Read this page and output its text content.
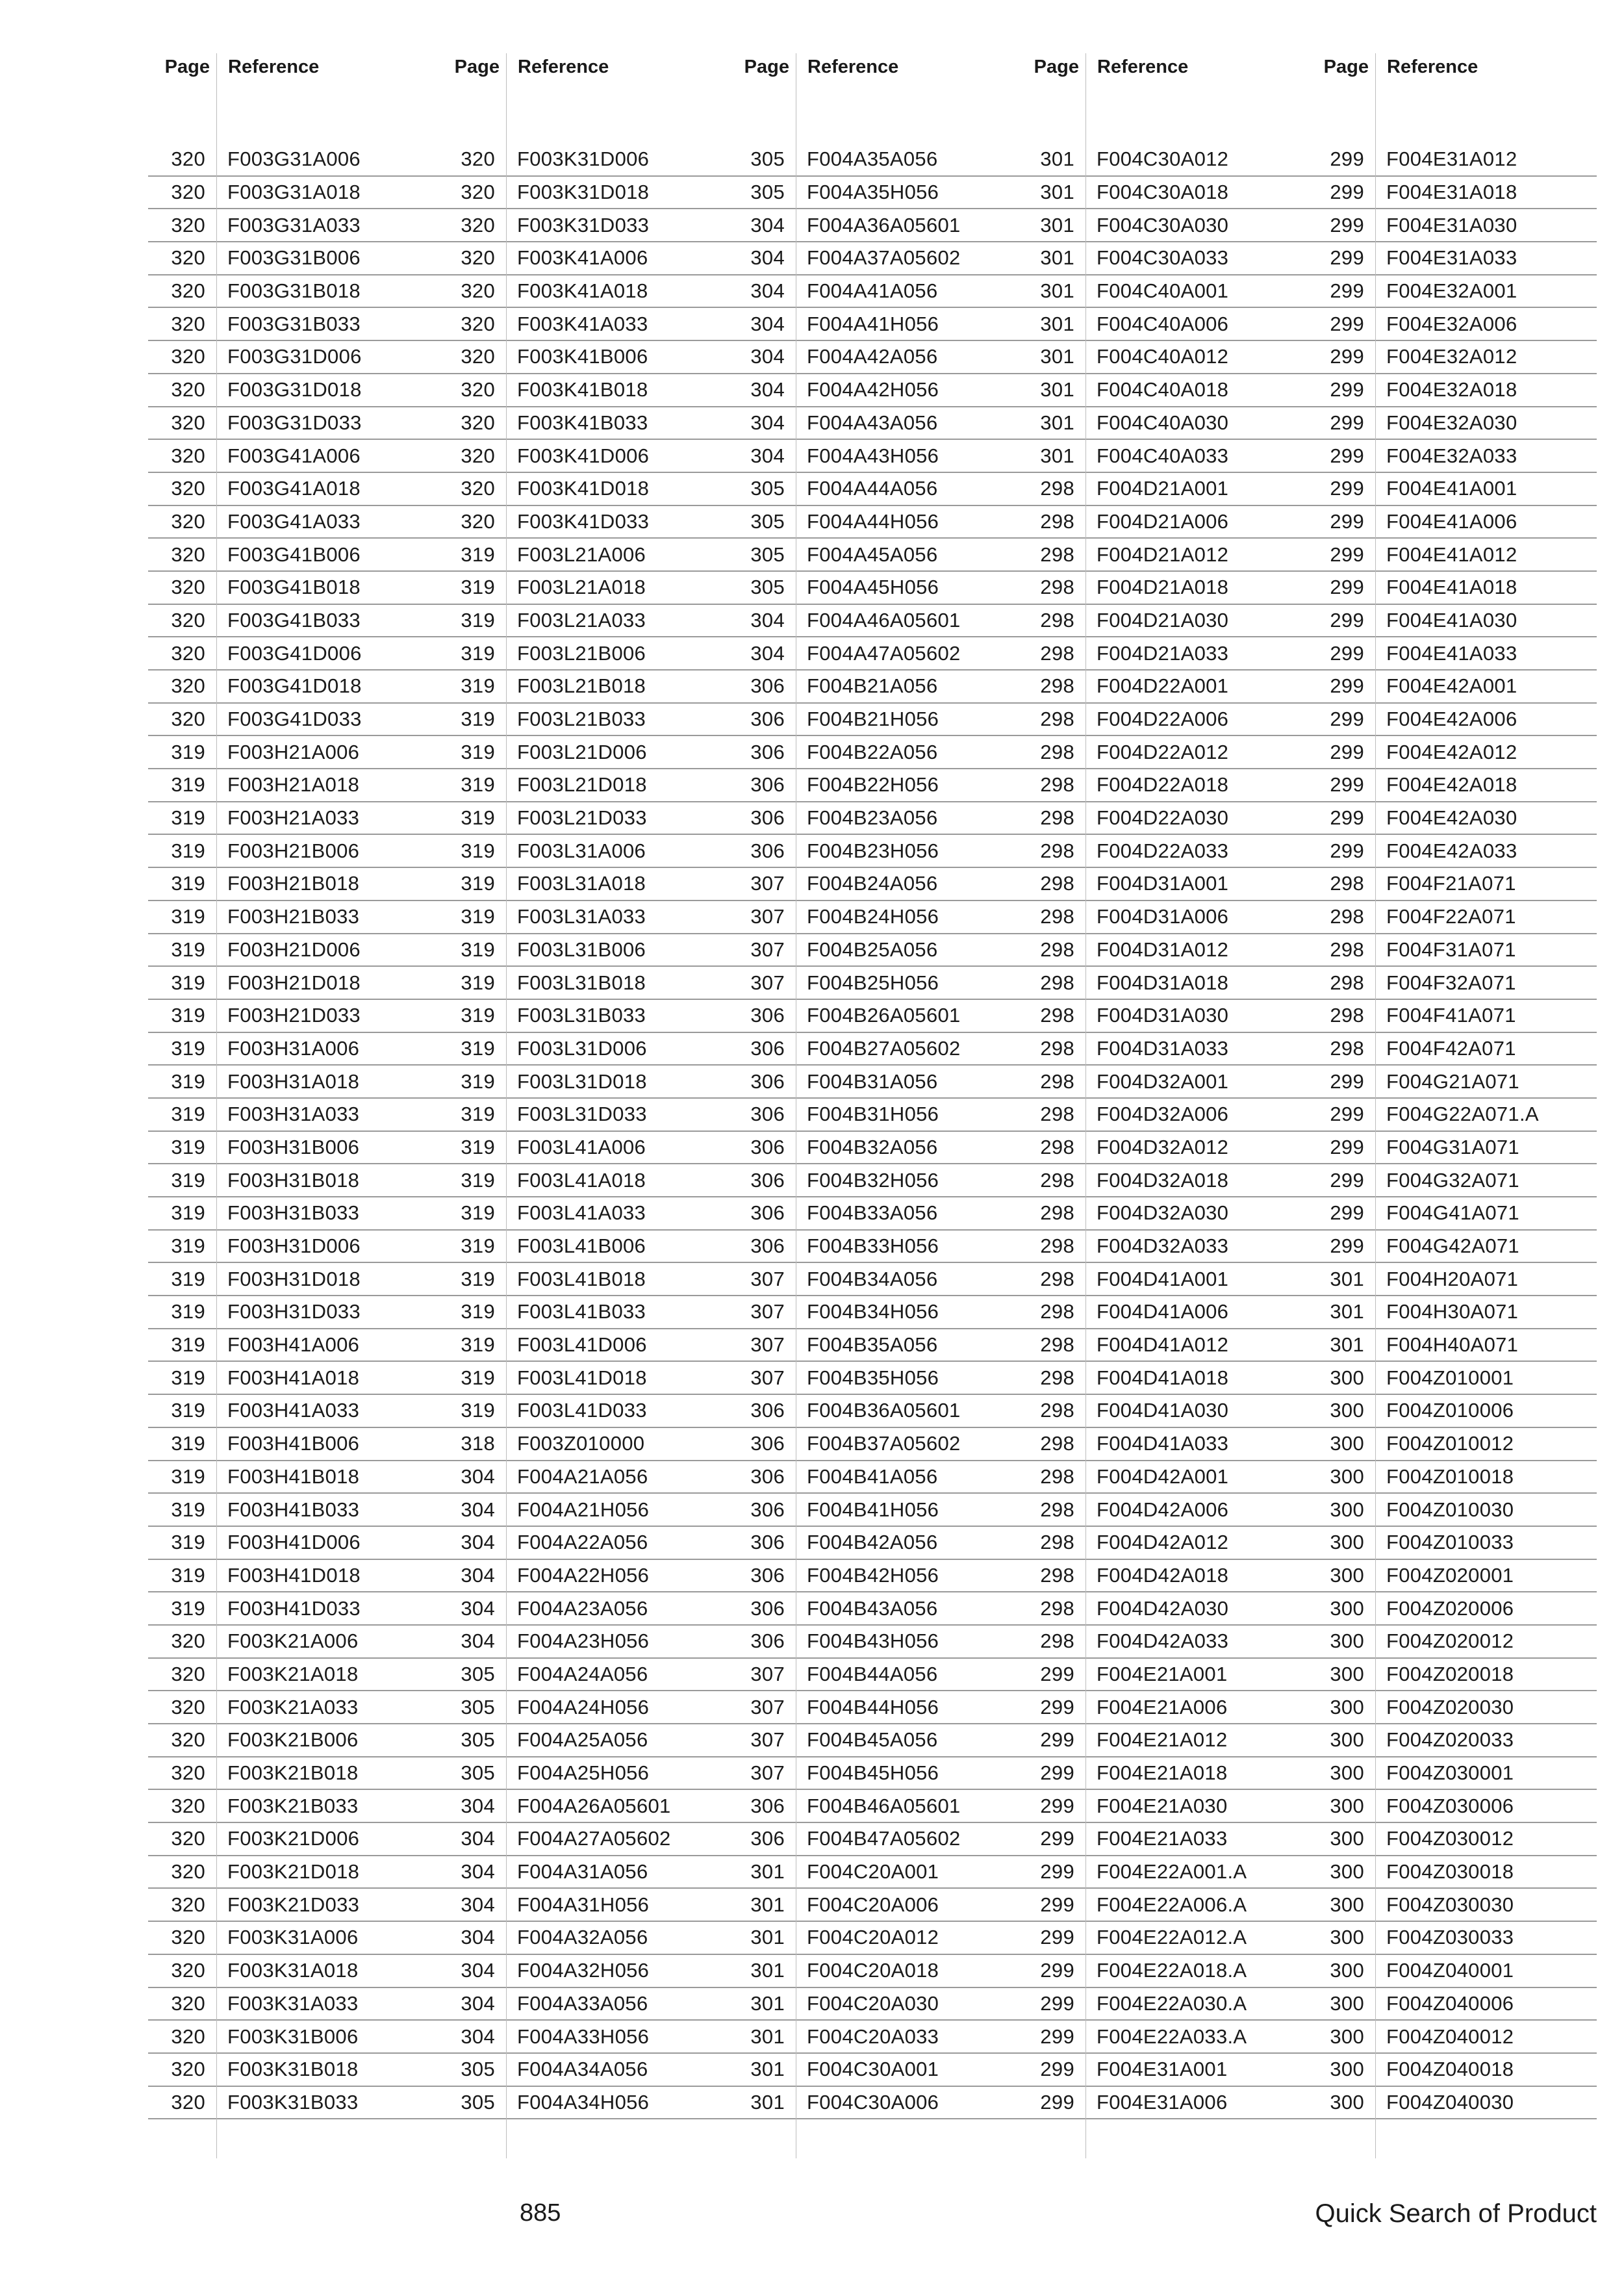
Page Reference
320	F003G31A006
320	F003G31A018
320	F003G31A033
320	F003G31B006
320	F003G31B018
320	F003G31B033
320	F003G31D006
320	F003G31D018
320	F003G31D033
320	F003G41A006
320	F003G41A018
320	F003G41A033
320	F003G41B006
320	F003G41B018
320	F003G41B033
320	F003G41D006
320	F003G41D018
320	F003G41D033
319	F003H21A006
319	F003H21A018
319	F003H21A033
319	F003H21B006
319	F003H21B018
319	F003H21B033
319	F003H21D006
319	F003H21D018
319	F003H21D033
319	F003H31A006
319	F003H31A018
319	F003H31A033
319	F003H31B006
319	F003H31B018
319	F003H31B033
319	F003H31D006
319	F003H31D018
319	F003H31D033
319	F003H41A006
319	F003H41A018
319	F003H41A033
319	F003H41B006
319	F003H41B018
319	F003H41B033
319	F003H41D006
319	F003H41D018
319	F003H41D033
320	F003K21A006
320	F003K21A018
320	F003K21A033
320	F003K21B006
320	F003K21B018
320	F003K21B033
320	F003K21D006
320	F003K21D018
320	F003K21D033
320	F003K31A006
320	F003K31A018
320	F003K31A033
320	F003K31B006
320	F003K31B018
320	F003K31B033
Page Reference
320	F003K31D006
320	F003K31D018
320	F003K31D033
320	F003K41A006
320	F003K41A018
320	F003K41A033
320	F003K41B006
320	F003K41B018
320	F003K41B033
320	F003K41D006
320	F003K41D018
320	F003K41D033
319	F003L21A006
319	F003L21A018
319	F003L21A033
319	F003L21B006
319	F003L21B018
319	F003L21B033
319	F003L21D006
319	F003L21D018
319	F003L21D033
319	F003L31A006
319	F003L31A018
319	F003L31A033
319	F003L31B006
319	F003L31B018
319	F003L31B033
319	F003L31D006
319	F003L31D018
319	F003L31D033
319	F003L41A006
319	F003L41A018
319	F003L41A033
319	F003L41B006
319	F003L41B018
319	F003L41B033
319	F003L41D006
319	F003L41D018
319	F003L41D033
318	F003Z010000
304	F004A21A056
304	F004A21H056
304	F004A22A056
304	F004A22H056
304	F004A23A056
304	F004A23H056
305	F004A24A056
305	F004A24H056
305	F004A25A056
305	F004A25H056
304	F004A26A05601
304	F004A27A05602
304	F004A31A056
304	F004A31H056
304	F004A32A056
304	F004A32H056
304	F004A33A056
304	F004A33H056
305	F004A34A056
305	F004A34H056
Page Reference
305	F004A35A056
305	F004A35H056
304	F004A36A05601
304	F004A37A05602
304	F004A41A056
304	F004A41H056
304	F004A42A056
304	F004A42H056
304	F004A43A056
304	F004A43H056
305	F004A44A056
305	F004A44H056
305	F004A45A056
305	F004A45H056
304	F004A46A05601
304	F004A47A05602
306	F004B21A056
306	F004B21H056
306	F004B22A056
306	F004B22H056
306	F004B23A056
306	F004B23H056
307	F004B24A056
307	F004B24H056
307	F004B25A056
307	F004B25H056
306	F004B26A05601
306	F004B27A05602
306	F004B31A056
306	F004B31H056
306	F004B32A056
306	F004B32H056
306	F004B33A056
306	F004B33H056
307	F004B34A056
307	F004B34H056
307	F004B35A056
307	F004B35H056
306	F004B36A05601
306	F004B37A05602
306	F004B41A056
306	F004B41H056
306	F004B42A056
306	F004B42H056
306	F004B43A056
306	F004B43H056
307	F004B44A056
307	F004B44H056
307	F004B45A056
307	F004B45H056
306	F004B46A05601
306	F004B47A05602
301	F004C20A001
301	F004C20A006
301	F004C20A012
301	F004C20A018
301	F004C20A030
301	F004C20A033
301	F004C30A001
301	F004C30A006
Page Reference
301	F004C30A012
301	F004C30A018
301	F004C30A030
301	F004C30A033
301	F004C40A001
301	F004C40A006
301	F004C40A012
301	F004C40A018
301	F004C40A030
301	F004C40A033
298	F004D21A001
298	F004D21A006
298	F004D21A012
298	F004D21A018
298	F004D21A030
298	F004D21A033
298	F004D22A001
298	F004D22A006
298	F004D22A012
298	F004D22A018
298	F004D22A030
298	F004D22A033
298	F004D31A001
298	F004D31A006
298	F004D31A012
298	F004D31A018
298	F004D31A030
298	F004D31A033
298	F004D32A001
298	F004D32A006
298	F004D32A012
298	F004D32A018
298	F004D32A030
298	F004D32A033
298	F004D41A001
298	F004D41A006
298	F004D41A012
298	F004D41A018
298	F004D41A030
298	F004D41A033
298	F004D42A001
298	F004D42A006
298	F004D42A012
298	F004D42A018
298	F004D42A030
298	F004D42A033
299	F004E21A001
299	F004E21A006
299	F004E21A012
299	F004E21A018
299	F004E21A030
299	F004E21A033
299	F004E22A001.A
299	F004E22A006.A
299	F004E22A012.A
299	F004E22A018.A
299	F004E22A030.A
299	F004E22A033.A
299	F004E31A001
299	F004E31A006
Page Reference
299	F004E31A012
299	F004E31A018
299	F004E31A030
299	F004E31A033
299	F004E32A001
299	F004E32A006
299	F004E32A012
299	F004E32A018
299	F004E32A030
299	F004E32A033
299	F004E41A001
299	F004E41A006
299	F004E41A012
299	F004E41A018
299	F004E41A030
299	F004E41A033
299	F004E42A001
299	F004E42A006
299	F004E42A012
299	F004E42A018
299	F004E42A030
299	F004E42A033
298	F004F21A071
298	F004F22A071
298	F004F31A071
298	F004F32A071
298	F004F41A071
298	F004F42A071
299	F004G21A071
299	F004G22A071.A
299	F004G31A071
299	F004G32A071
299	F004G41A071
299	F004G42A071
301	F004H20A071
301	F004H30A071
301	F004H40A071
300	F004Z010001
300	F004Z010006
300	F004Z010012
300	F004Z010018
300	F004Z010030
300	F004Z010033
300	F004Z020001
300	F004Z020006
300	F004Z020012
300	F004Z020018
300	F004Z020030
300	F004Z020033
300	F004Z030001
300	F004Z030006
300	F004Z030012
300	F004Z030018
300	F004Z030030
300	F004Z030033
300	F004Z040001
300	F004Z040006
300	F004Z040012
300	F004Z040018
300	F004Z040030
885	Quick Search of Product
